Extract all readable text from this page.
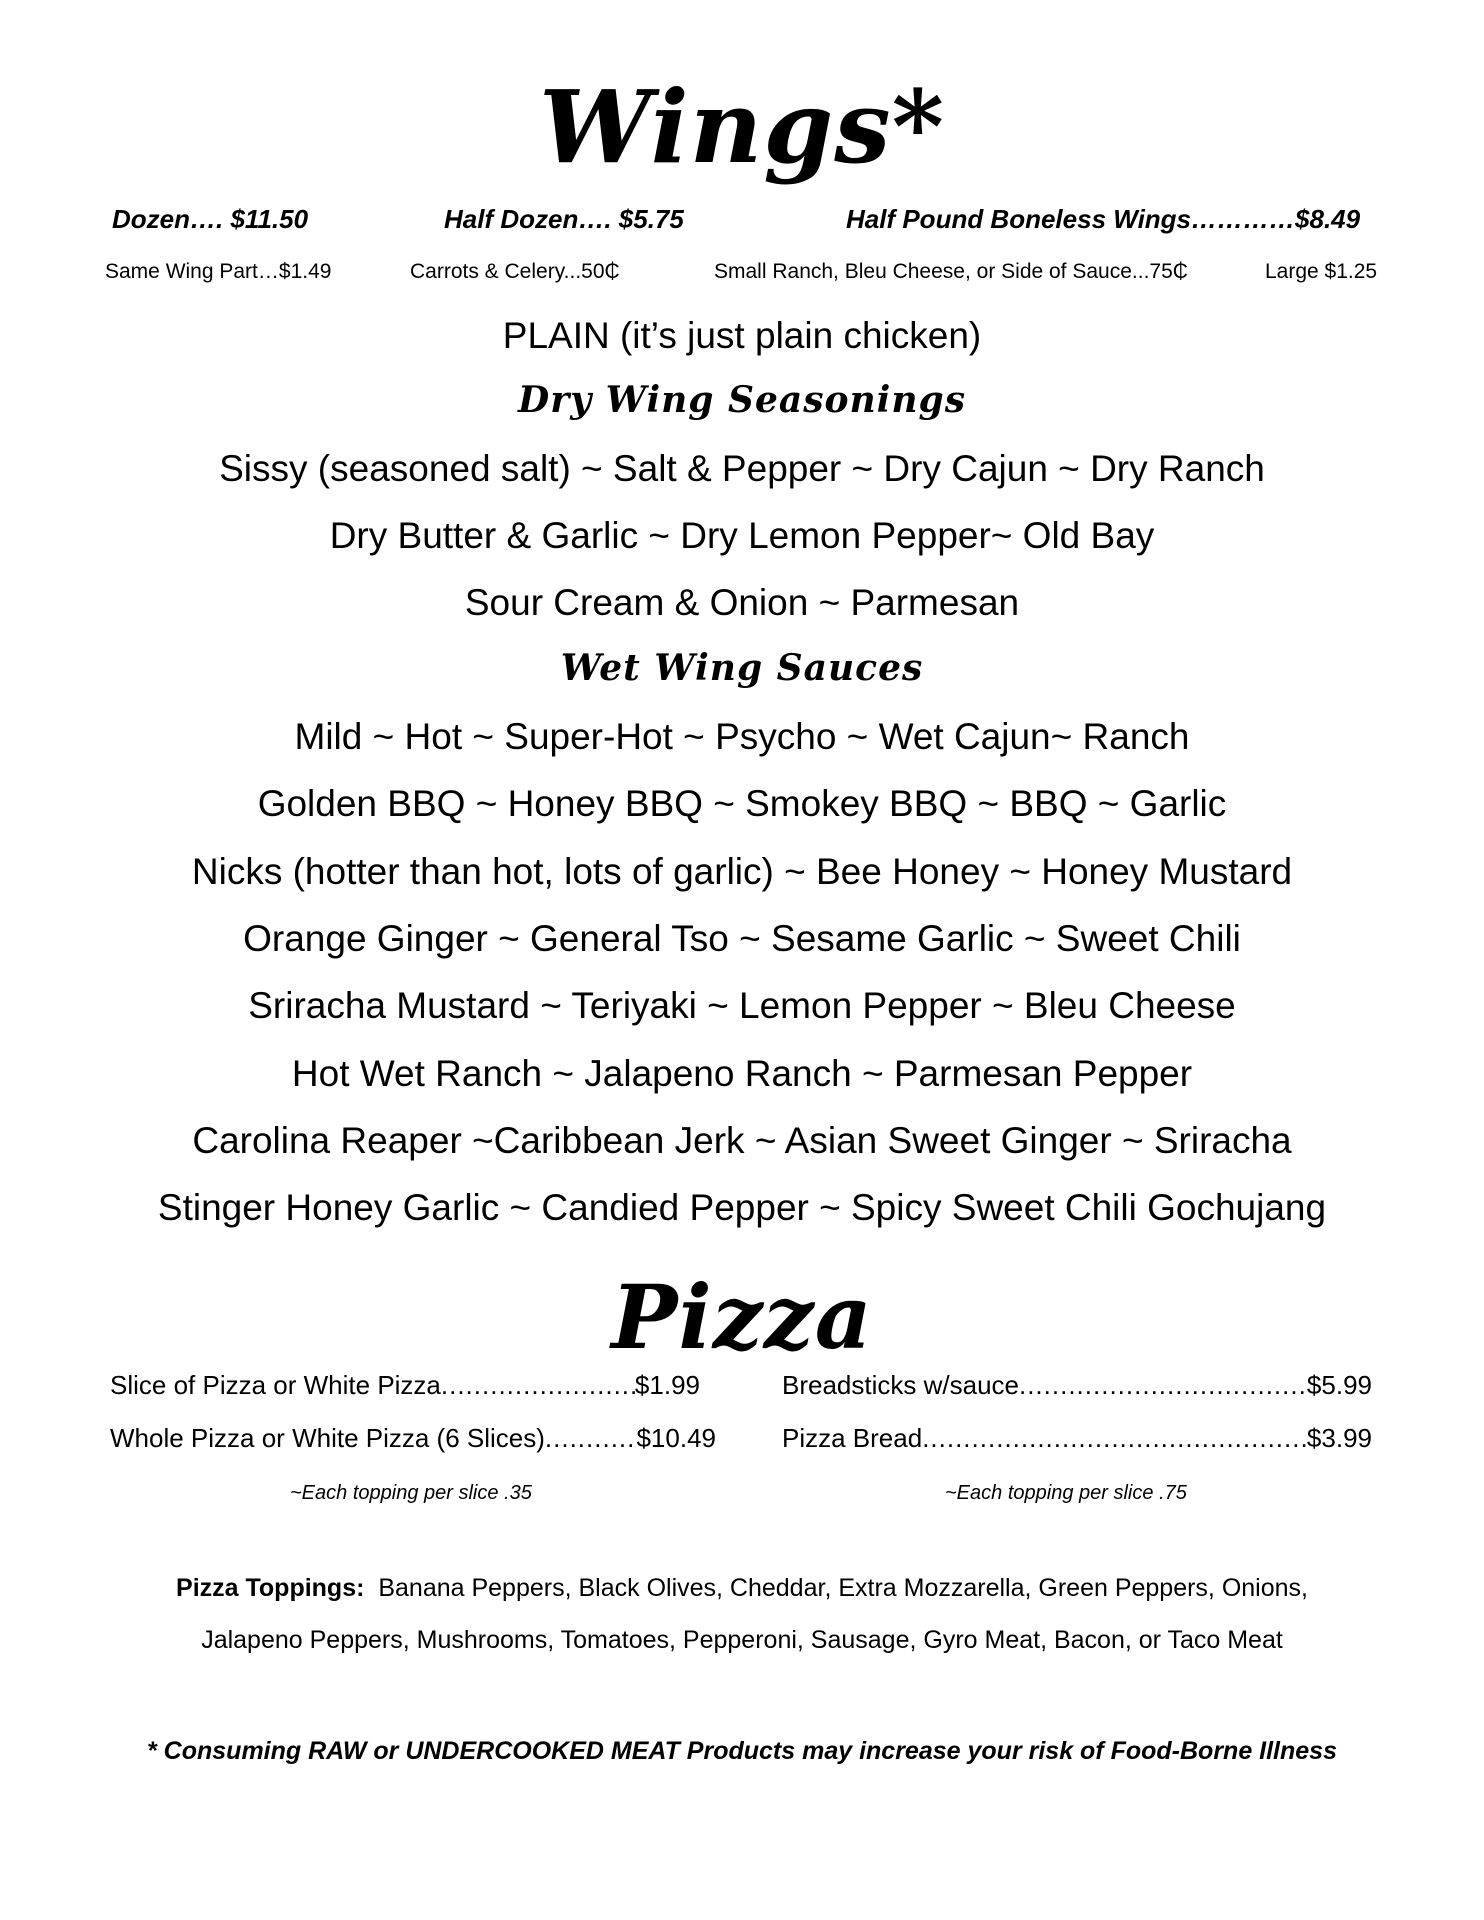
Wings*
Dozen…. $11.50	Half Dozen…. $5.75	Half Pound Boneless Wings…………$8.49
Same Wing Part…$1.49	Carrots & Celery...50₵	Small Ranch, Bleu Cheese, or Side of Sauce...75₵	Large $1.25
PLAIN (it’s just plain chicken)
Dry Wing Seasonings
Sissy (seasoned salt) ~ Salt & Pepper ~ Dry Cajun ~ Dry Ranch
Dry Butter & Garlic ~ Dry Lemon Pepper~ Old Bay
Sour Cream & Onion ~ Parmesan
Wet Wing Sauces
Mild ~ Hot ~ Super-Hot ~ Psycho ~ Wet Cajun~ Ranch
Golden BBQ ~ Honey BBQ ~ Smokey BBQ ~ BBQ ~ Garlic
Nicks (hotter than hot, lots of garlic) ~ Bee Honey ~ Honey Mustard
Orange Ginger ~ General Tso ~ Sesame Garlic ~ Sweet Chili
Sriracha Mustard ~ Teriyaki ~ Lemon Pepper ~ Bleu Cheese
Hot Wet Ranch ~ Jalapeno Ranch ~ Parmesan Pepper
Carolina Reaper ~Caribbean Jerk ~ Asian Sweet Ginger ~ Sriracha
Stinger Honey Garlic ~ Candied Pepper ~ Spicy Sweet Chili Gochujang
Pizza
Slice of Pizza or White Pizza .....	$1.99
Whole Pizza or White Pizza (6 Slices) .....	$10.49
~Each topping per slice .35
Breadsticks w/sauce .....	$5.99
Pizza Bread .....	$3.99
~Each topping per slice .75
Pizza Toppings: Banana Peppers, Black Olives, Cheddar, Extra Mozzarella, Green Peppers, Onions,
Jalapeno Peppers, Mushrooms, Tomatoes, Pepperoni, Sausage, Gyro Meat, Bacon, or Taco Meat
* Consuming RAW or UNDERCOOKED MEAT Products may increase your risk of Food-Borne Illness
